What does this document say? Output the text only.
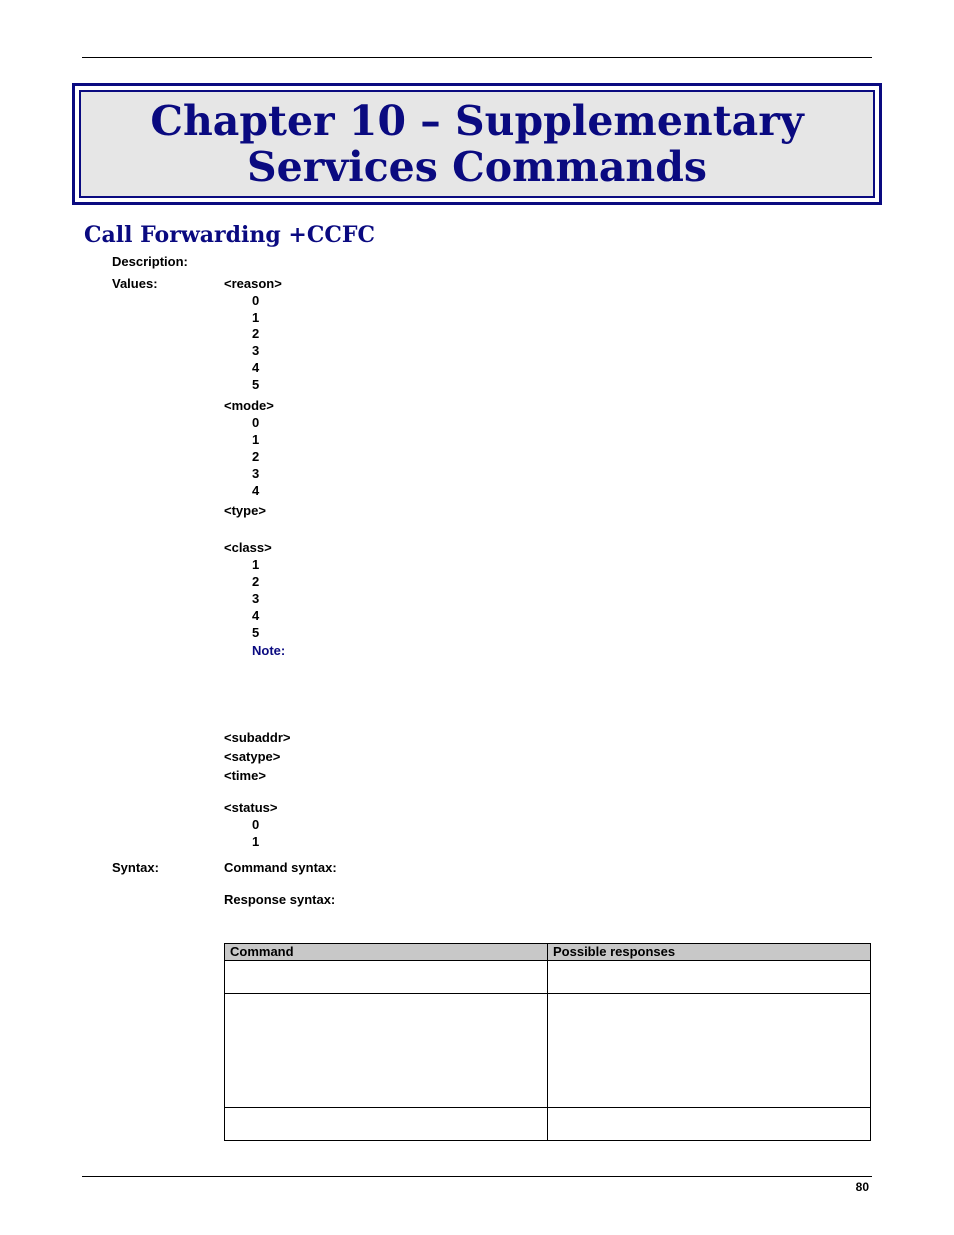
Chapter 10 – Supplementary
Services Commands
Call Forwarding +CCFC
Description:
Values:	<reason>
0
1
2
3
4
5
<mode>
0
1
2
3
4
<type>
<class>
1
2
3
4
5
Note:
<subaddr>
<satype>
<time>
<status>
0
1
Syntax:	Command syntax:
Response syntax:
Command	Possible responses

80
